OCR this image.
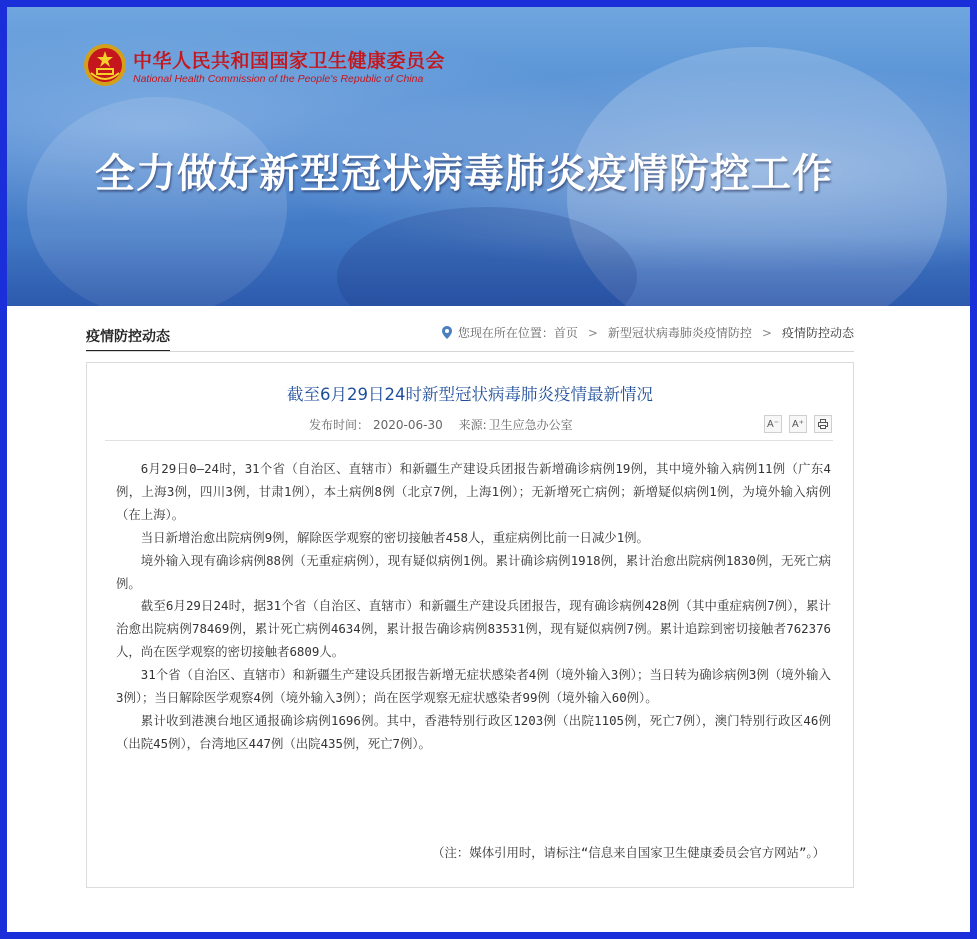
中华人民共和国国家卫生健康委员会
National Health Commission of the People's Republic of China
全力做好新型冠状病毒肺炎疫情防控工作
疫情防控动态	您现在所在位置： 首页 > 新型冠状病毒肺炎疫情防控 > 疫情防控动态
截至6月29日24时新型冠状病毒肺炎疫情最新情况
发布时间： 2020-06-30 来源: 卫生应急办公室	A⁻	A⁺

6月29日0—24时，31个省（自治区、直辖市）和新疆生产建设兵团报告新增确诊病例19例，其中境外输入病例11例（广东4例，上海3例，四川3例，甘肃1例），本土病例8例（北京7例，上海1例）；无新增死亡病例；新增疑似病例1例，为境外输入病例（在上海）。

当日新增治愈出院病例9例，解除医学观察的密切接触者458人，重症病例比前一日减少1例。

境外输入现有确诊病例88例（无重症病例），现有疑似病例1例。累计确诊病例1918例，累计治愈出院病例1830例，无死亡病例。

截至6月29日24时，据31个省（自治区、直辖市）和新疆生产建设兵团报告，现有确诊病例428例（其中重症病例7例），累计治愈出院病例78469例，累计死亡病例4634例，累计报告确诊病例83531例，现有疑似病例7例。累计追踪到密切接触者762376人，尚在医学观察的密切接触者6809人。

31个省（自治区、直辖市）和新疆生产建设兵团报告新增无症状感染者4例（境外输入3例）；当日转为确诊病例3例（境外输入3例）；当日解除医学观察4例（境外输入3例）；尚在医学观察无症状感染者99例（境外输入60例）。

累计收到港澳台地区通报确诊病例1696例。其中，香港特别行政区1203例（出院1105例，死亡7例），澳门特别行政区46例（出院45例），台湾地区447例（出院435例，死亡7例）。

（注：媒体引用时，请标注“信息来自国家卫生健康委员会官方网站”。）
